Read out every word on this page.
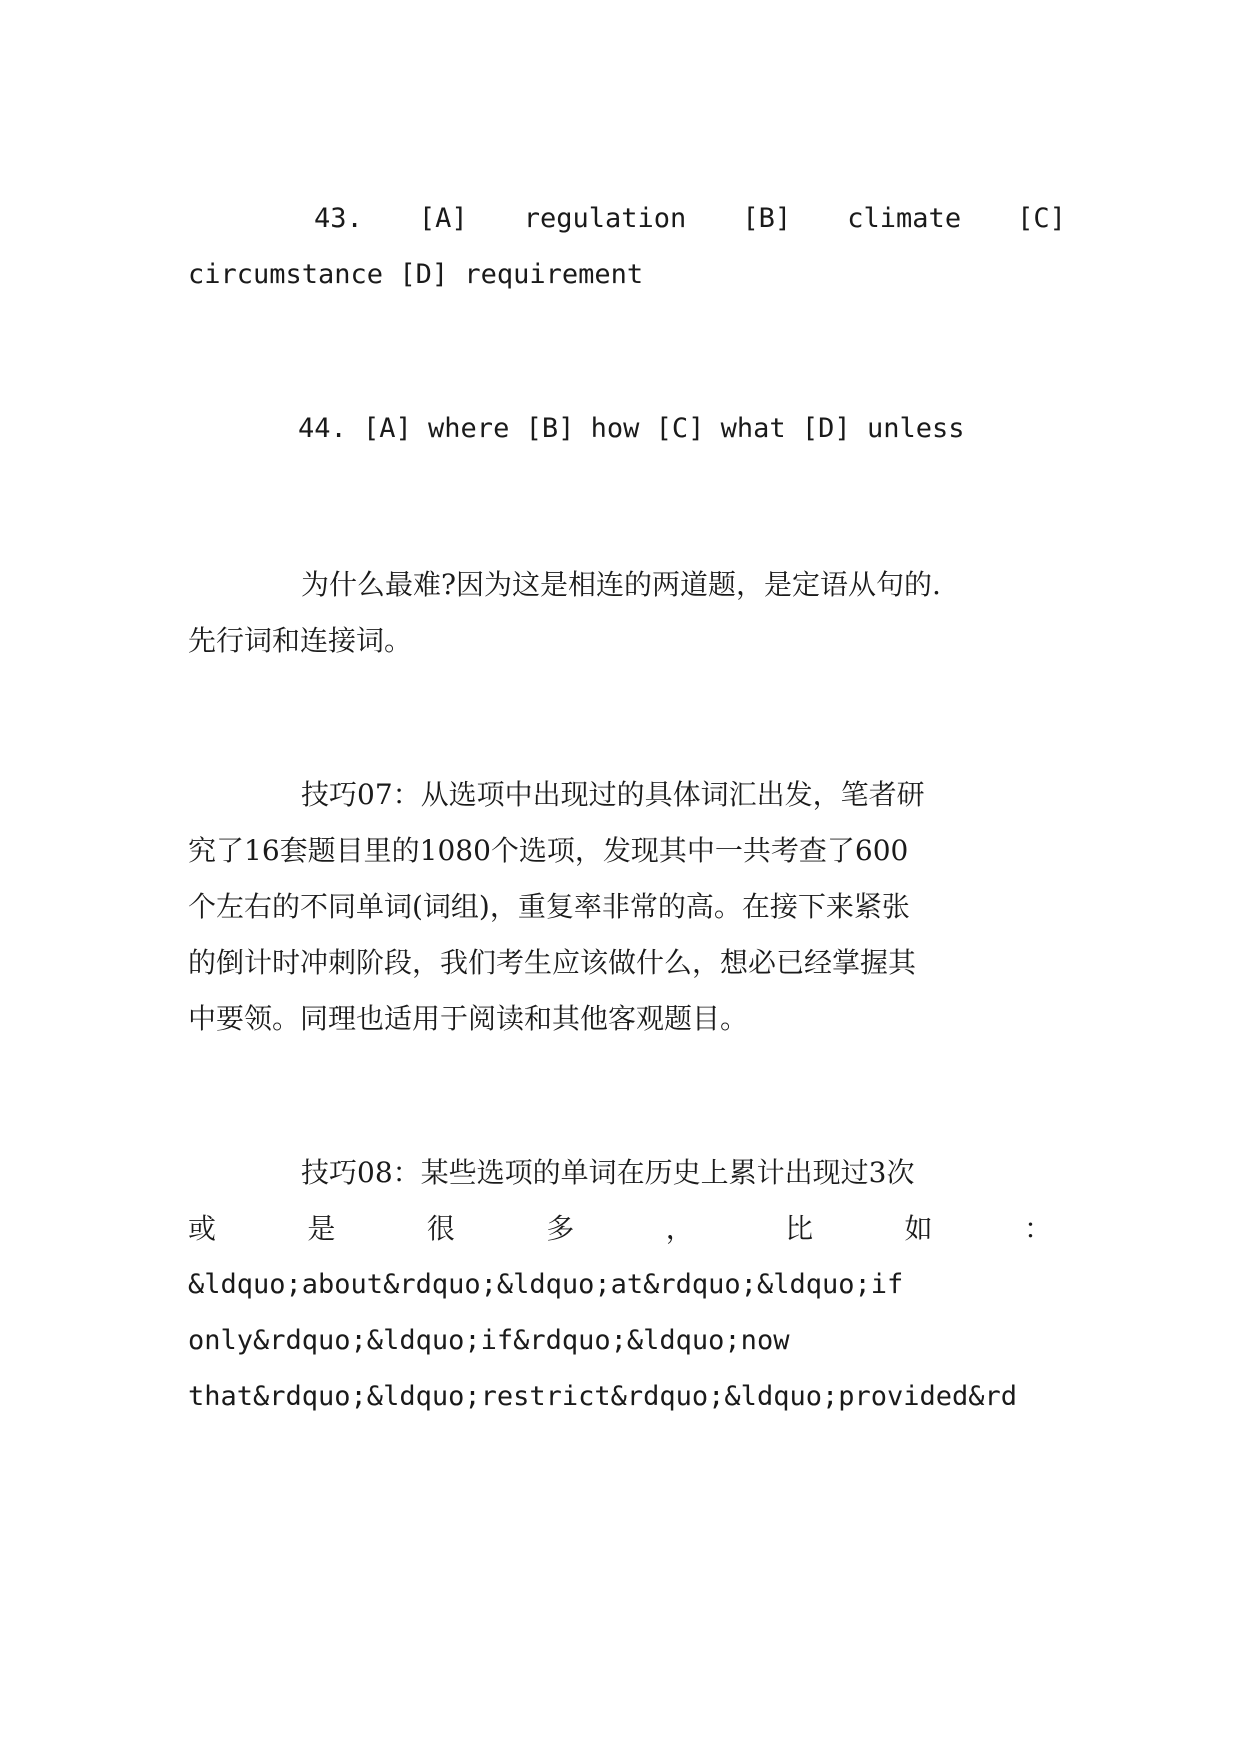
43. [A] regulation [B] climate [C]
circumstance [D] requirement
44. [A] where [B] how [C] what [D] unless
为什么最难?因为这是相连的两道题，是定语从句的.
先行词和连接词。
技巧07：从选项中出现过的具体词汇出发，笔者研
究了16套题目里的1080个选项，发现其中一共考查了600
个左右的不同单词(词组)，重复率非常的高。在接下来紧张
的倒计时冲刺阶段，我们考生应该做什么，想必已经掌握其
中要领。同理也适用于阅读和其他客观题目。
技巧08：某些选项的单词在历史上累计出现过3次
或	是	很	多	，	比	如	：
&ldquo;about&rdquo;&ldquo;at&rdquo;&ldquo;if
only&rdquo;&ldquo;if&rdquo;&ldquo;now
that&rdquo;&ldquo;restrict&rdquo;&ldquo;provided&rd
